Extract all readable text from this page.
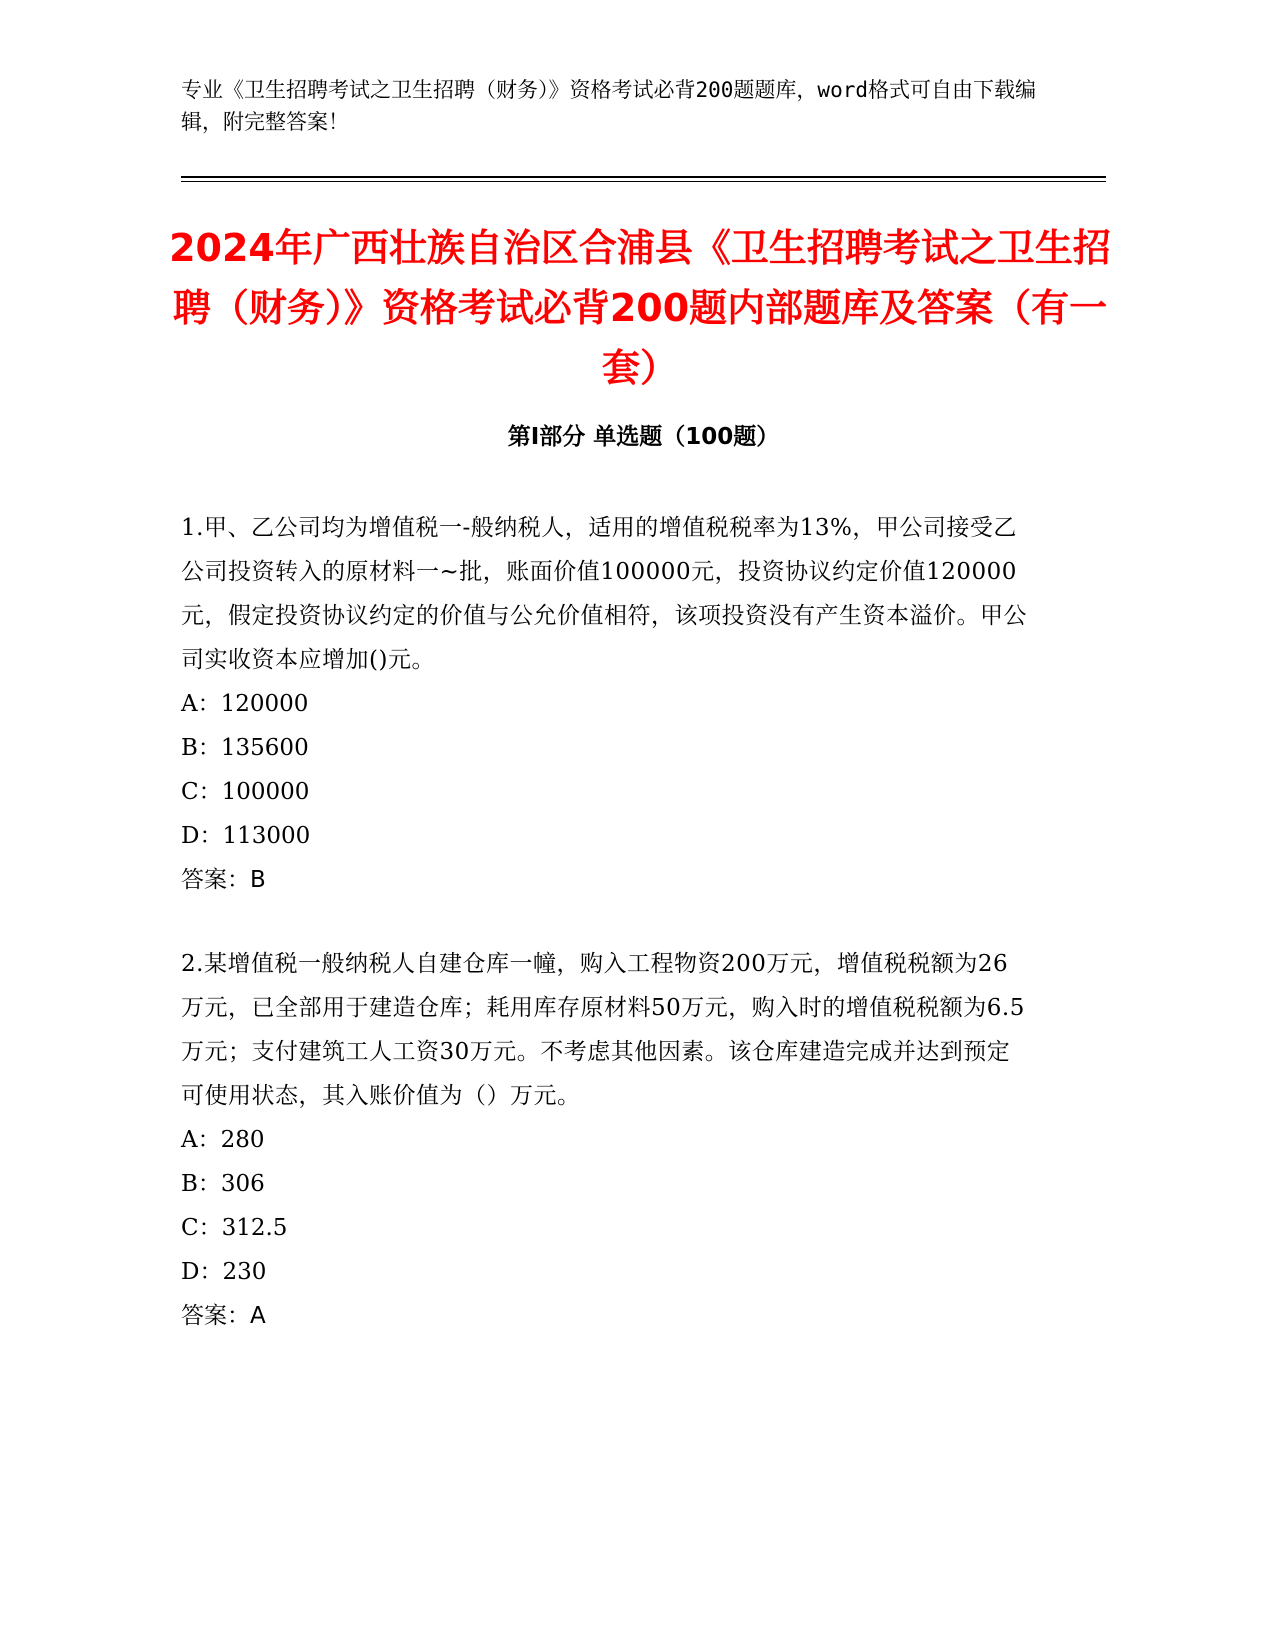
专业《卫生招聘考试之卫生招聘（财务）》资格考试必背200题题库，word格式可自由下载编辑，附完整答案！
2024年广西壮族自治区合浦县《卫生招聘考试之卫生招聘（财务）》资格考试必背200题内部题库及答案（有一套）
第Ⅰ部分 单选题（100题）

1.甲、乙公司均为增值税一-般纳税人，适用的增值税税率为13%，甲公司接受乙公司投资转入的原材料一~批，账面价值100000元，投资协议约定价值120000元，假定投资协议约定的价值与公允价值相符，该项投资没有产生资本溢价。甲公司实收资本应增加()元。

A：120000

B：135600

C：100000

D：113000

答案：B

2.某增值税一般纳税人自建仓库一幢，购入工程物资200万元，增值税税额为26万元，已全部用于建造仓库；耗用库存原材料50万元，购入时的增值税税额为6.5万元；支付建筑工人工资30万元。不考虑其他因素。该仓库建造完成并达到预定可使用状态，其入账价值为（）万元。

A：280

B：306

C：312.5

D：230

答案：A
